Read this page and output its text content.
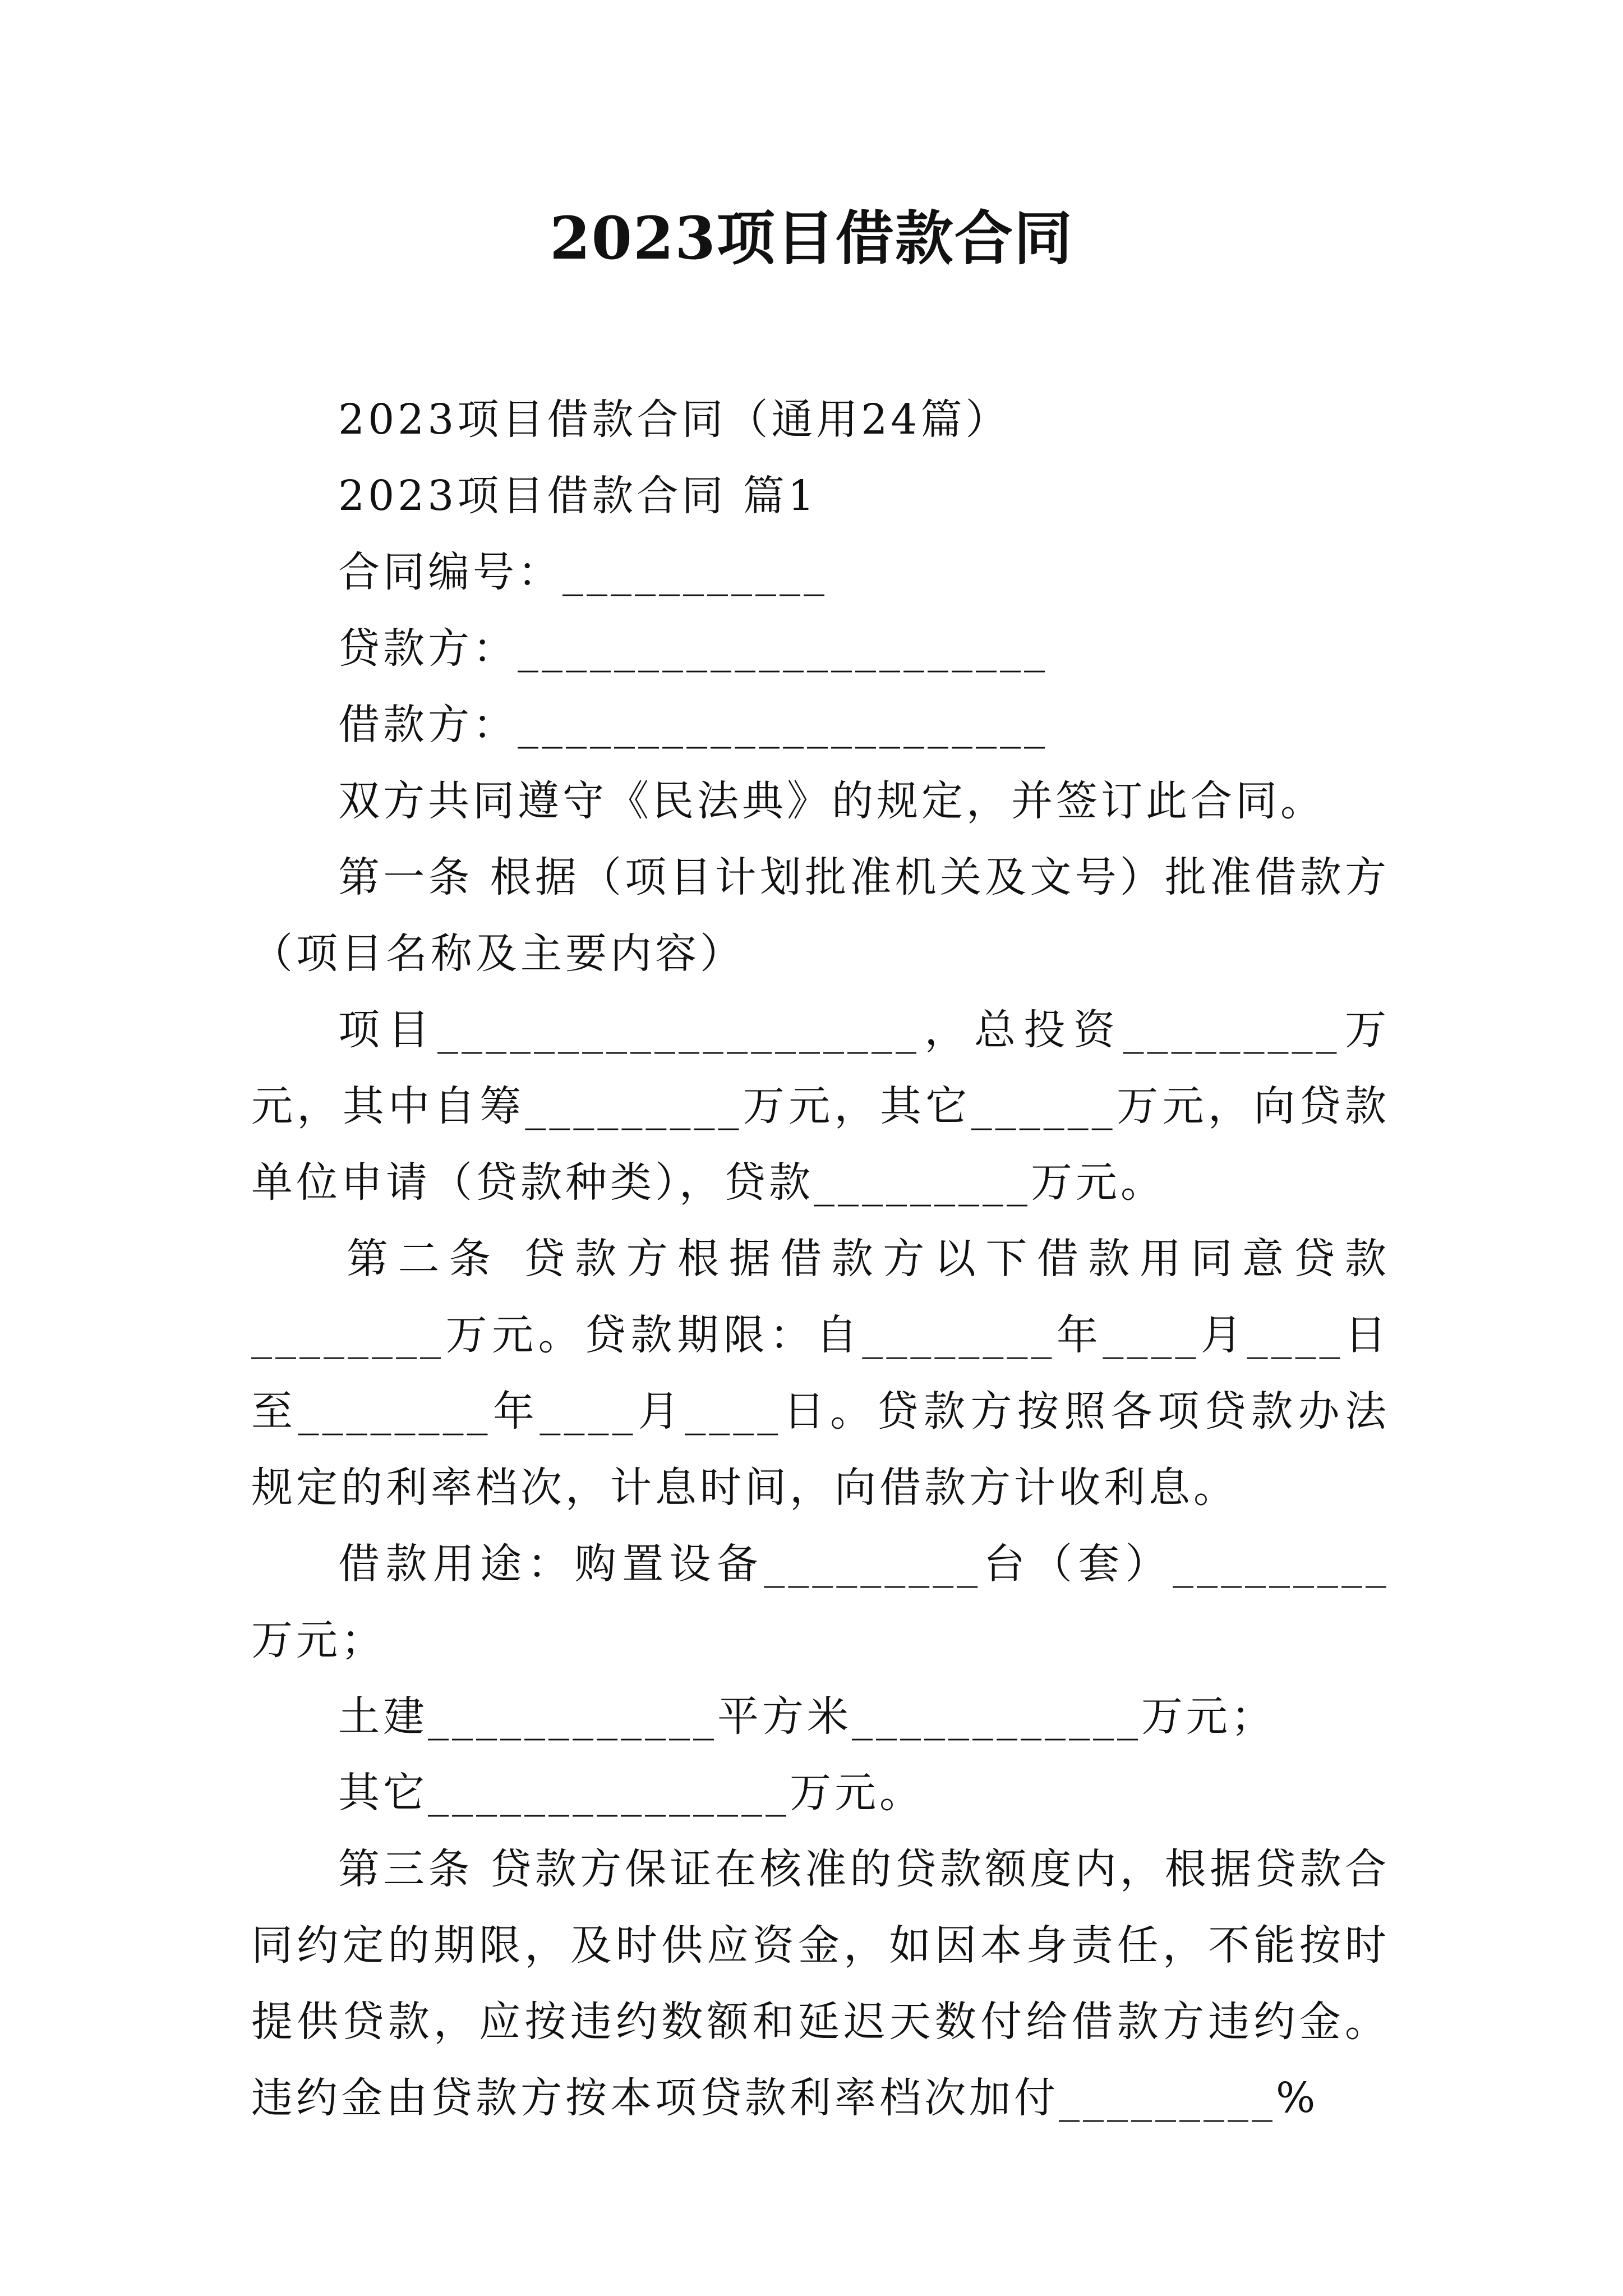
2023项目借款合同

2023项目借款合同（通用24篇）

2023项目借款合同 篇1

合同编号：___________

贷款方：______________________

借款方：______________________

双方共同遵守《民法典》的规定，并签订此合同。

第一条 根据（项目计划批准机关及文号）批准借款方（项目名称及主要内容）

项目____________________，总投资_________万元，其中自筹_________万元，其它______万元，向贷款单位申请（贷款种类），贷款_________万元。

第二条 贷款方根据借款方以下借款用同意贷款________万元。贷款期限：自________年____月____日至________年____月____日。贷款方按照各项贷款办法规定的利率档次，计息时间，向借款方计收利息。

借款用途：购置设备_________台（套）_________万元；

土建____________平方米____________万元；

其它_______________万元。

第三条 贷款方保证在核准的贷款额度内，根据贷款合同约定的期限，及时供应资金，如因本身责任，不能按时提供贷款，应按违约数额和延迟天数付给借款方违约金。违约金由贷款方按本项贷款利率档次加付_________%
